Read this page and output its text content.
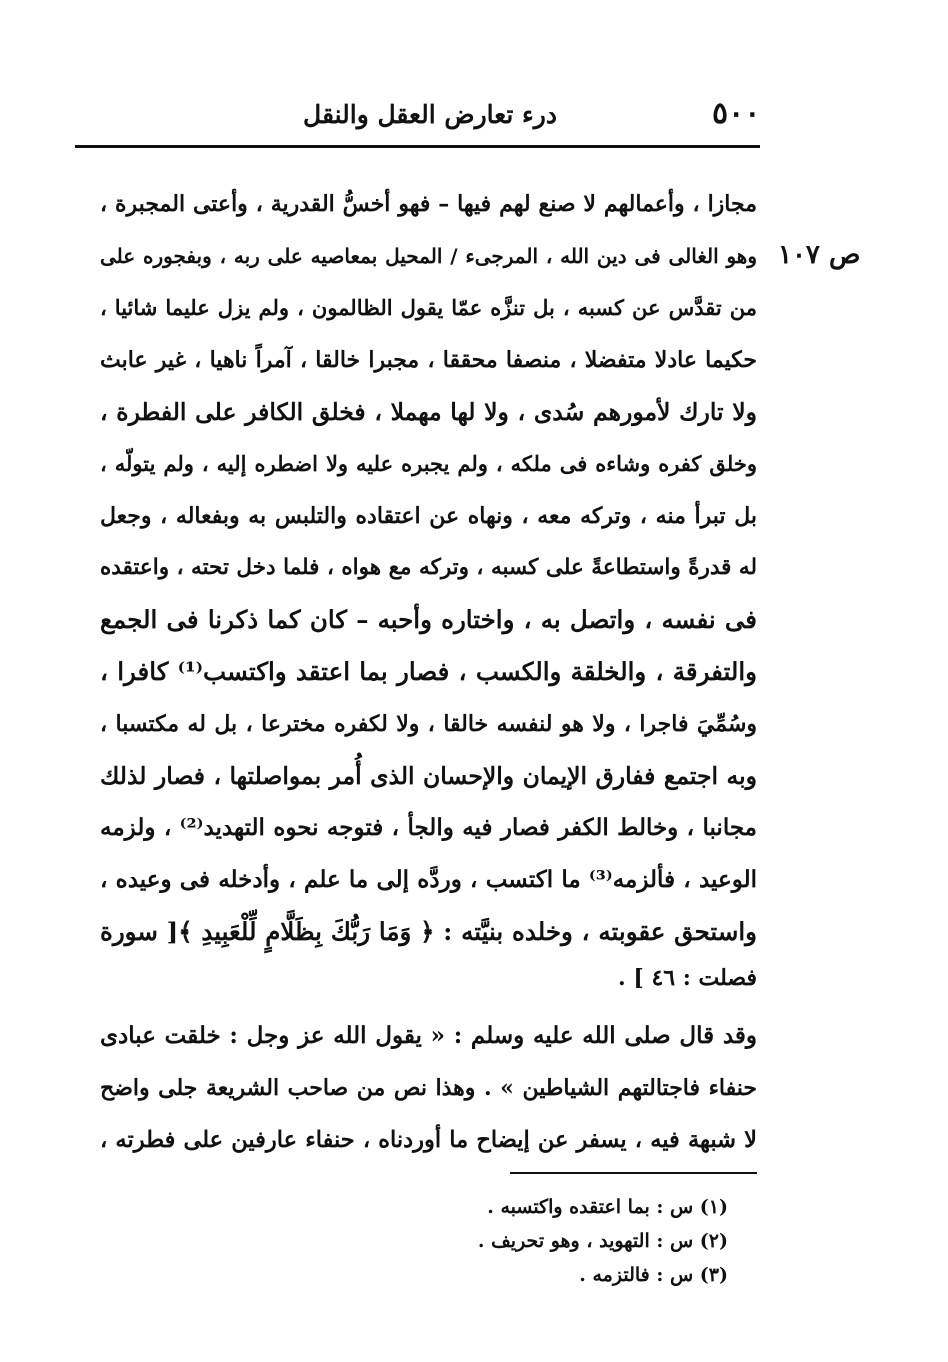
٥٠٠
درء تعارض العقل والنقل
ص ١٠٧
مجازا ، وأعمالهم لا صنع لهم فيها – فهو أخسُّ القدرية ، وأعتى المجبرة ،
وهو الغالى فى دين الله ، المرجىء / المحيل بمعاصيه على ربه ، وبفجوره على
من تقدَّس عن كسبه ، بل تنزَّه عمّا يقول الظالمون ، ولم يزل عليما شائيا ،
حكيما عادلا متفضلا ، منصفا محققا ، مجبرا خالقا ، آمراً ناهيا ، غير عابث
ولا تارك لأمورهم سُدى ، ولا لها مهملا ، فخلق الكافر على الفطرة ،
وخلق كفره وشاءه فى ملكه ، ولم يجبره عليه ولا اضطره إليه ، ولم يتولّه ،
بل تبرأ منه ، وتركه معه ، ونهاه عن اعتقاده والتلبس به وبفعاله ، وجعل
له قدرةً واستطاعةً على كسبه ، وتركه مع هواه ، فلما دخل تحته ، واعتقده
فى نفسه ، واتصل به ، واختاره وأحبه – كان كما ذكرنا فى الجمع
والتفرقة ، والخلقة والكسب ، فصار بما اعتقد واكتسب⁽¹⁾ كافرا ،
وسُمِّيَ فاجرا ، ولا هو لنفسه خالقا ، ولا لكفره مخترعا ، بل له مكتسبا ،
وبه اجتمع ففارق الإيمان والإحسان الذى أُمر بمواصلتها ، فصار لذلك
مجانبا ، وخالط الكفر فصار فيه والجأ ، فتوجه نحوه التهديد⁽²⁾ ، ولزمه
الوعيد ، فألزمه⁽³⁾ ما اكتسب ، وردَّه إلى ما علم ، وأدخله فى وعيده ،
واستحق عقوبته ، وخلده بنيَّته : ﴿ وَمَا رَبُّكَ بِظَلَّامٍ لِّلْعَبِيدِ ﴾[ سورة
فصلت : ٤٦ ] .
وقد قال صلى الله عليه وسلم : « يقول الله عز وجل : خلقت عبادى
حنفاء فاجتالتهم الشياطين » . وهذا نص من صاحب الشريعة جلى واضح
لا شبهة فيه ، يسفر عن إيضاح ما أوردناه ، حنفاء عارفين على فطرته ،
(١) س : بما اعتقده واكتسبه .
(٢) س : التهويد ، وهو تحريف .
(٣) س : فالتزمه .
